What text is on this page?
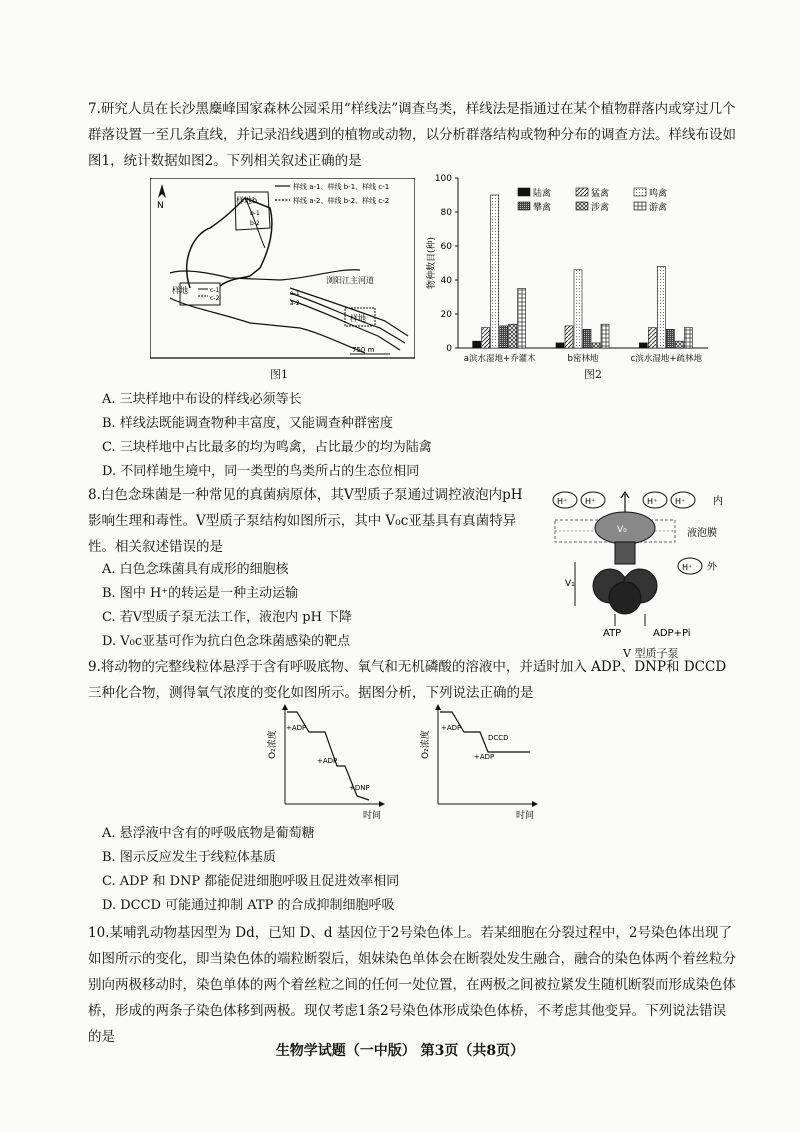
7.研究人员在长沙黑麋峰国家森林公园采用“样线法”调查鸟类，样线法是指通过在某个植物群落内或穿过几个群落设置一至几条直线，并记录沿线遇到的植物或动物，以分析群落结构或物种分布的调查方法。样线布设如图1，统计数据如图2。下列相关叙述正确的是
N
样线 a-1、样线 b-1、样线 c-1
样线 a-2、样线 b-2、样线 c-2
样地b
b-1
b-2
样地	c-1
c-2
浏阳江主河道
样地
a-1
a-2
750 m
图1
0
20
40
60
80
100
物种数目(种)
a滨水湿地+乔灌木	b密林地	c滨水湿地+疏林地
陆禽	猛禽	鸣禽
攀禽	涉禽	游禽
图2
A. 三块样地中布设的样线必须等长
B. 样线法既能调查物种丰富度，又能调查种群密度
C. 三块样地中占比最多的均为鸣禽，占比最少的均为陆禽
D. 不同样地生境中，同一类型的鸟类所占的生态位相同
8.白色念珠菌是一种常见的真菌病原体，其V型质子泵通过调控液泡内pH
影响生理和毒性。V型质子泵结构如图所示，其中 V₀c亚基具有真菌特异
性。相关叙述错误的是
A. 白色念珠菌具有成形的细胞核
B. 图中 H⁺的转运是一种主动运输
C. 若V型质子泵无法工作，液泡内 pH 下降
D. V₀c亚基可作为抗白色念珠菌感染的靶点
H⁺ H⁺	H⁺ H⁺
H⁺
内
外
液泡膜
V₀
V₁
ATP	ADP+Pi
V 型质子泵
9.将动物的完整线粒体悬浮于含有呼吸底物、氧气和无机磷酸的溶液中，并适时加入 ADP、DNP和 DCCD 三种化合物，测得氧气浓度的变化如图所示。据图分析，下列说法正确的是
O₂浓度
时间
+ADP
+ADP
+DNP
O₂浓度
时间
+ADP
DCCD
+ADP
A. 悬浮液中含有的呼吸底物是葡萄糖
B. 图示反应发生于线粒体基质
C. ADP 和 DNP 都能促进细胞呼吸且促进效率相同
D. DCCD 可能通过抑制 ATP 的合成抑制细胞呼吸
10.某哺乳动物基因型为 Dd，已知 D、d 基因位于2号染色体上。若某细胞在分裂过程中，2号染色体出现了如图所示的变化，即当染色体的端粒断裂后，姐妹染色单体会在断裂处发生融合，融合的染色体两个着丝粒分别向两极移动时，染色单体的两个着丝粒之间的任何一处位置，在两极之间被拉紧发生随机断裂而形成染色体桥，形成的两条子染色体移到两极。现仅考虑1条2号染色体形成染色体桥，不考虑其他变异。下列说法错误的是
生物学试题（一中版） 第3页（共8页）
